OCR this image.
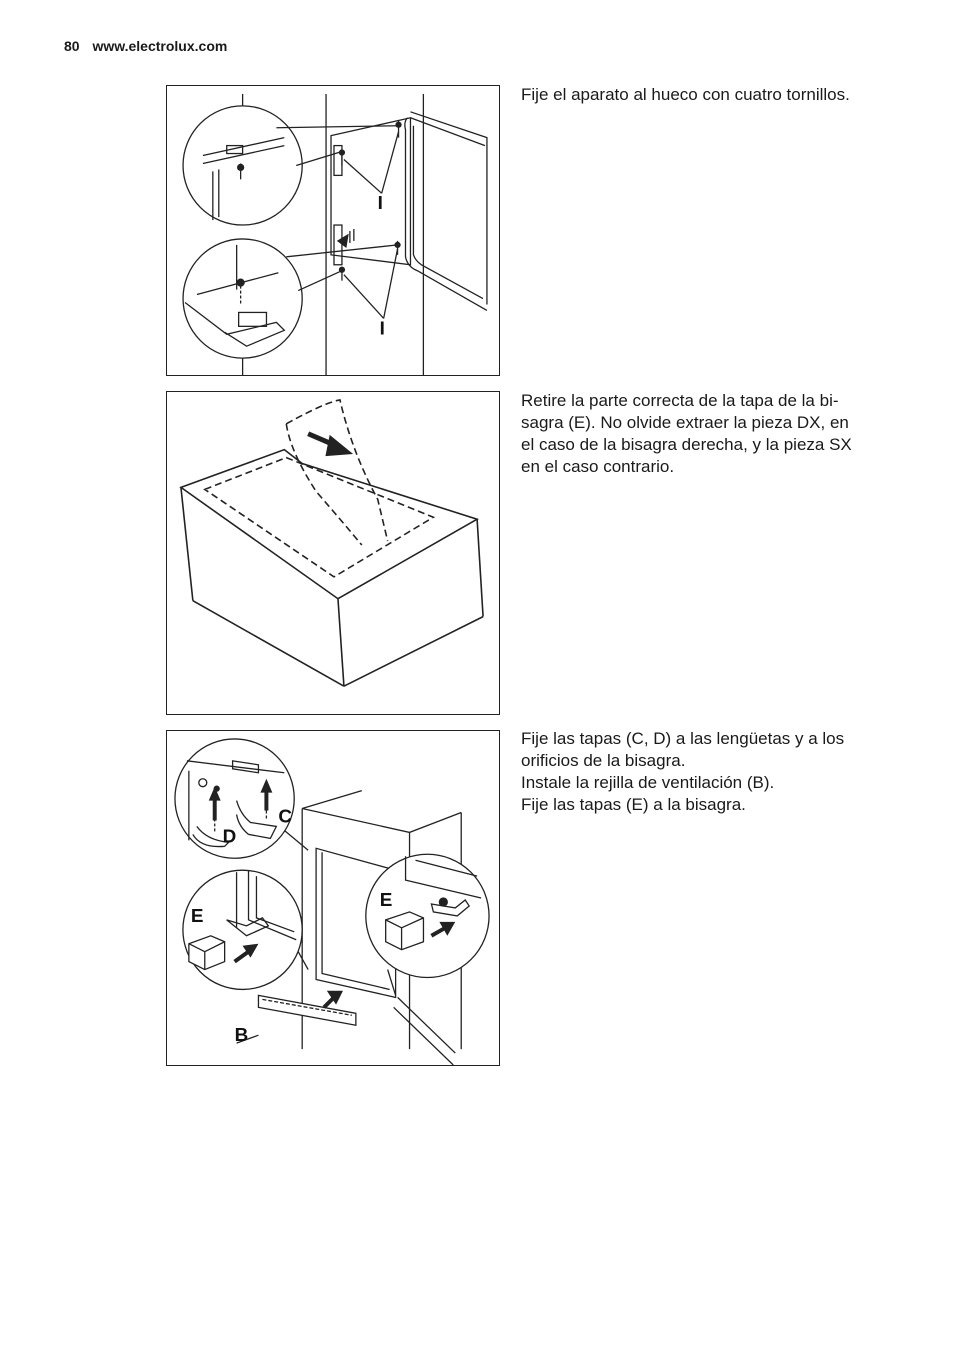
80 www.electrolux.com
I
I

Fije el aparato al hueco con cuatro tornillos.

Retire la parte correcta de la tapa de la bi-

sagra (E). No olvide extraer la pieza DX, en

el caso de la bisagra derecha, y la pieza SX

en el caso contrario.

C
D
E
E
B

Fije las tapas (C, D) a las lengüetas y a los

orificios de la bisagra.

Instale la rejilla de ventilación (B).

Fije las tapas (E) a la bisagra.
